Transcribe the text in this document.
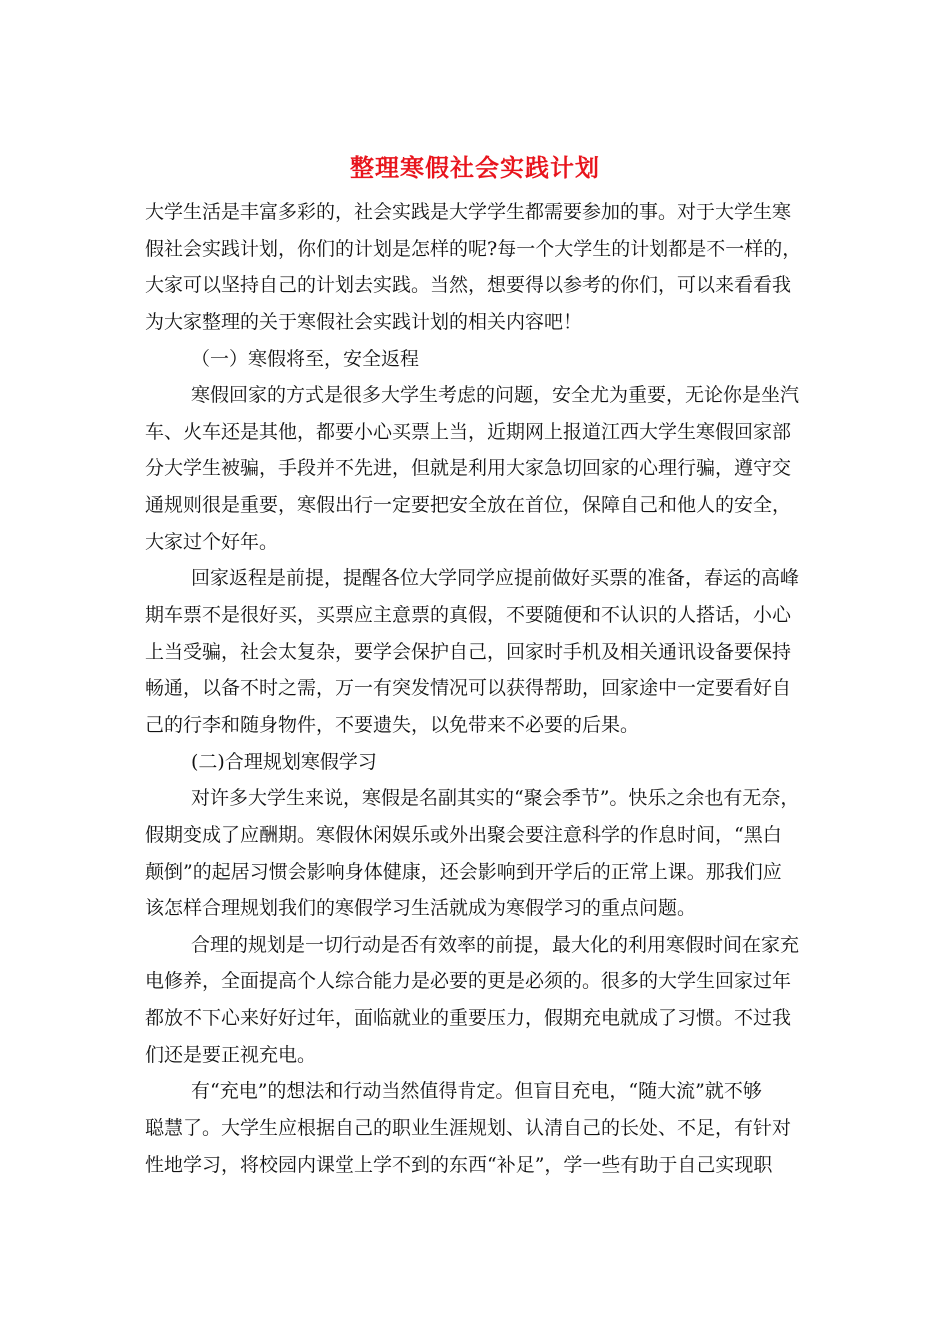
整理寒假社会实践计划
大学生活是丰富多彩的，社会实践是大学学生都需要参加的事。对于大学生寒
假社会实践计划，你们的计划是怎样的呢?每一个大学生的计划都是不一样的，
大家可以坚持自己的计划去实践。当然，想要得以参考的你们，可以来看看我
为大家整理的关于寒假社会实践计划的相关内容吧！
（一）寒假将至，安全返程
寒假回家的方式是很多大学生考虑的问题，安全尤为重要，无论你是坐汽
车、火车还是其他，都要小心买票上当，近期网上报道江西大学生寒假回家部
分大学生被骗，手段并不先进，但就是利用大家急切回家的心理行骗，遵守交
通规则很是重要，寒假出行一定要把安全放在首位，保障自己和他人的安全，
大家过个好年。
回家返程是前提，提醒各位大学同学应提前做好买票的准备，春运的高峰
期车票不是很好买，买票应主意票的真假，不要随便和不认识的人搭话，小心
上当受骗，社会太复杂，要学会保护自己，回家时手机及相关通讯设备要保持
畅通，以备不时之需，万一有突发情况可以获得帮助，回家途中一定要看好自
己的行李和随身物件，不要遗失，以免带来不必要的后果。
(二)合理规划寒假学习
对许多大学生来说，寒假是名副其实的“聚会季节”。快乐之余也有无奈，
假期变成了应酬期。寒假休闲娱乐或外出聚会要注意科学的作息时间，“黑白
颠倒”的起居习惯会影响身体健康，还会影响到开学后的正常上课。那我们应
该怎样合理规划我们的寒假学习生活就成为寒假学习的重点问题。
合理的规划是一切行动是否有效率的前提，最大化的利用寒假时间在家充
电修养，全面提高个人综合能力是必要的更是必须的。很多的大学生回家过年
都放不下心来好好过年，面临就业的重要压力，假期充电就成了习惯。不过我
们还是要正视充电。
有“充电”的想法和行动当然值得肯定。但盲目充电，“随大流”就不够
聪慧了。大学生应根据自己的职业生涯规划、认清自己的长处、不足，有针对
性地学习，将校园内课堂上学不到的东西“补足”，学一些有助于自己实现职
